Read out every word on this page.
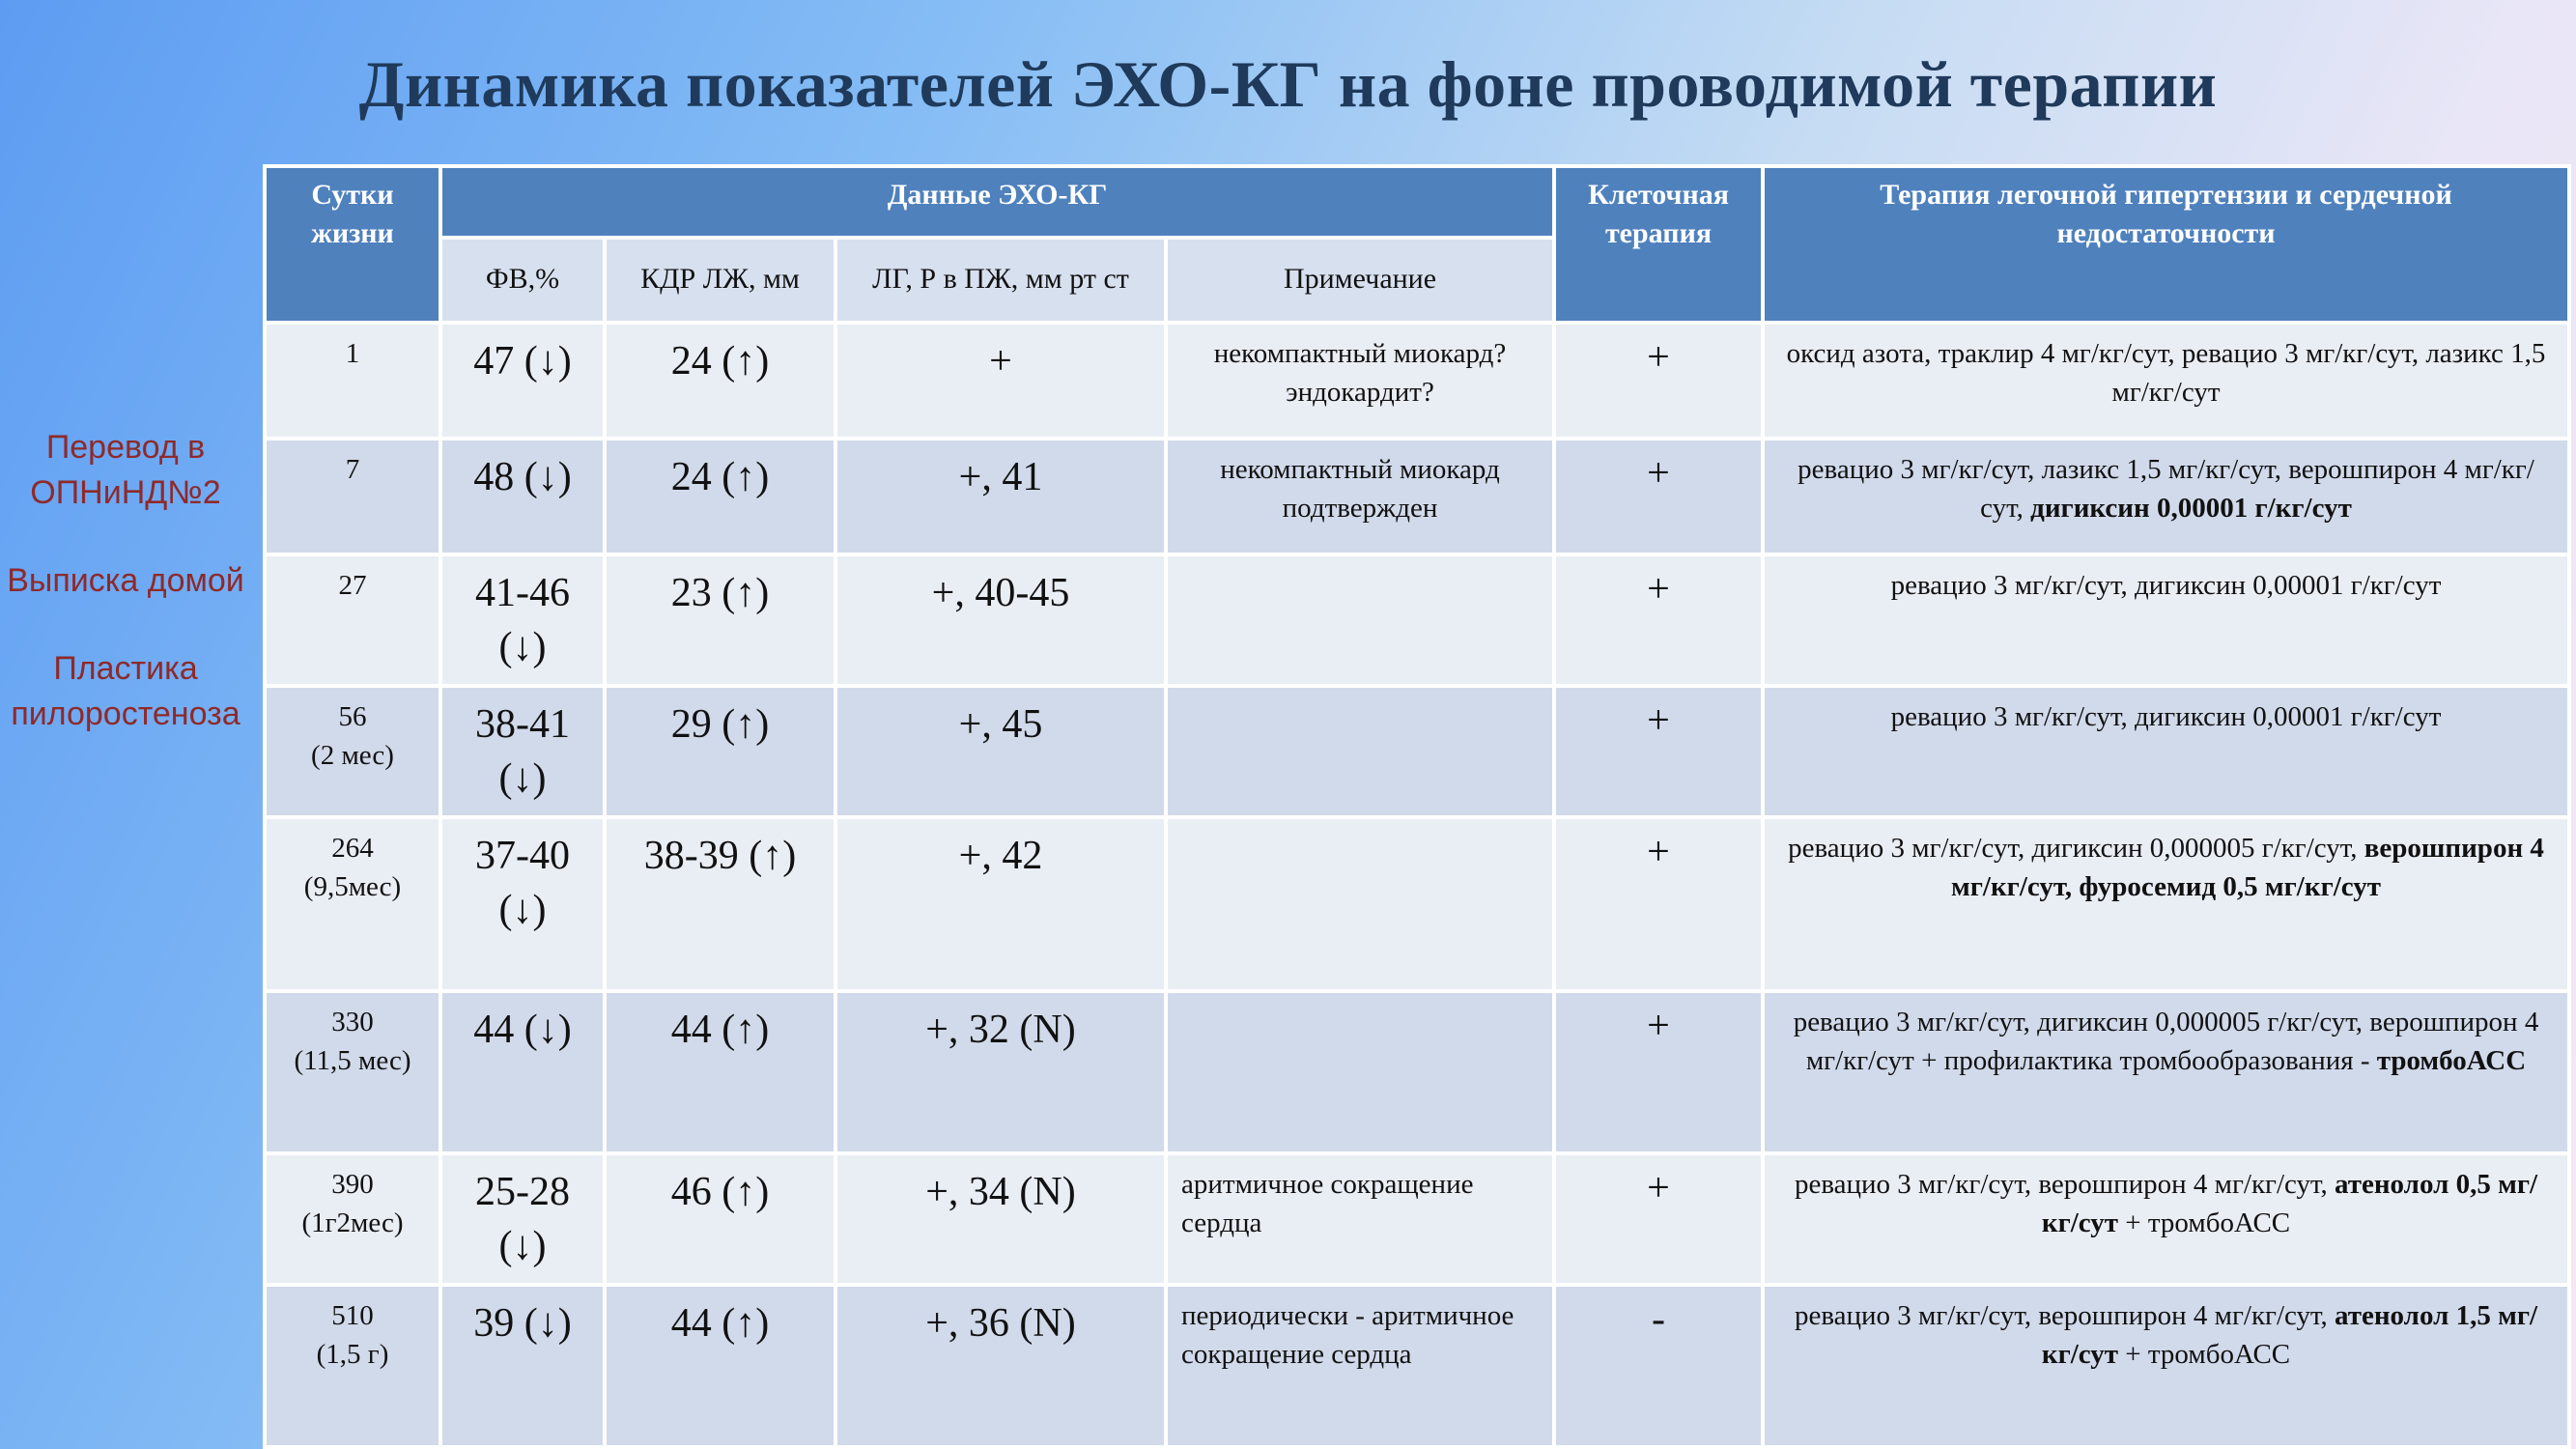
Динамика показателей ЭХО-КГ на фоне проводимой терапии
Перевод в ОПНиНД№2
Выписка домой
Пластика пилоростеноза
Сутки жизни	Данные ЭХО-КГ				Клеточная терапия	Терапия легочной гипертензии и сердечной недостаточности
	ФВ,%	КДР ЛЖ, мм	ЛГ, Р в ПЖ, мм рт ст	Примечание		

1	47 (↓)	24 (↑)	+	некомпактный миокард? эндокардит?	+	оксид азота, траклир 4 мг/кг/сут, ревацио 3 мг/кг/сут, лазикс 1,5 мг/кг/сут

7	48 (↓)	24 (↑)	+, 41	некомпактный миокард подтвержден	+	ревацио 3 мг/кг/сут, лазикс 1,5 мг/кг/сут, верошпирон 4 мг/кг/сут, дигиксин 0,00001 г/кг/сут

27	41-46 (↓)	23 (↑)	+, 40-45		+	ревацио 3 мг/кг/сут, дигиксин 0,00001 г/кг/сут

56
(2 мес)	38-41 (↓)	29 (↑)	+, 45		+	ревацио 3 мг/кг/сут, дигиксин 0,00001 г/кг/сут

264
(9,5мес)	37-40 (↓)	38-39 (↑)	+, 42		+	ревацио 3 мг/кг/сут, дигиксин 0,000005 г/кг/сут, верошпирон 4 мг/кг/сут, фуросемид 0,5 мг/кг/сут

330
(11,5 мес)	44 (↓)	44 (↑)	+, 32 (N)		+	ревацио 3 мг/кг/сут, дигиксин 0,000005 г/кг/сут, верошпирон 4 мг/кг/сут + профилактика тромбообразования - тромбоАСС

390
(1г2мес)	25-28 (↓)	46 (↑)	+, 34 (N)	аритмичное сокращение сердца	+	ревацио 3 мг/кг/сут, верошпирон 4 мг/кг/сут, атенолол 0,5 мг/кг/сут + тромбоАСС

510
(1,5 г)	39 (↓)	44 (↑)	+, 36 (N)	периодически - аритмичное сокращение сердца	-	ревацио 3 мг/кг/сут, верошпирон 4 мг/кг/сут, атенолол 1,5 мг/кг/сут + тромбоАСС
